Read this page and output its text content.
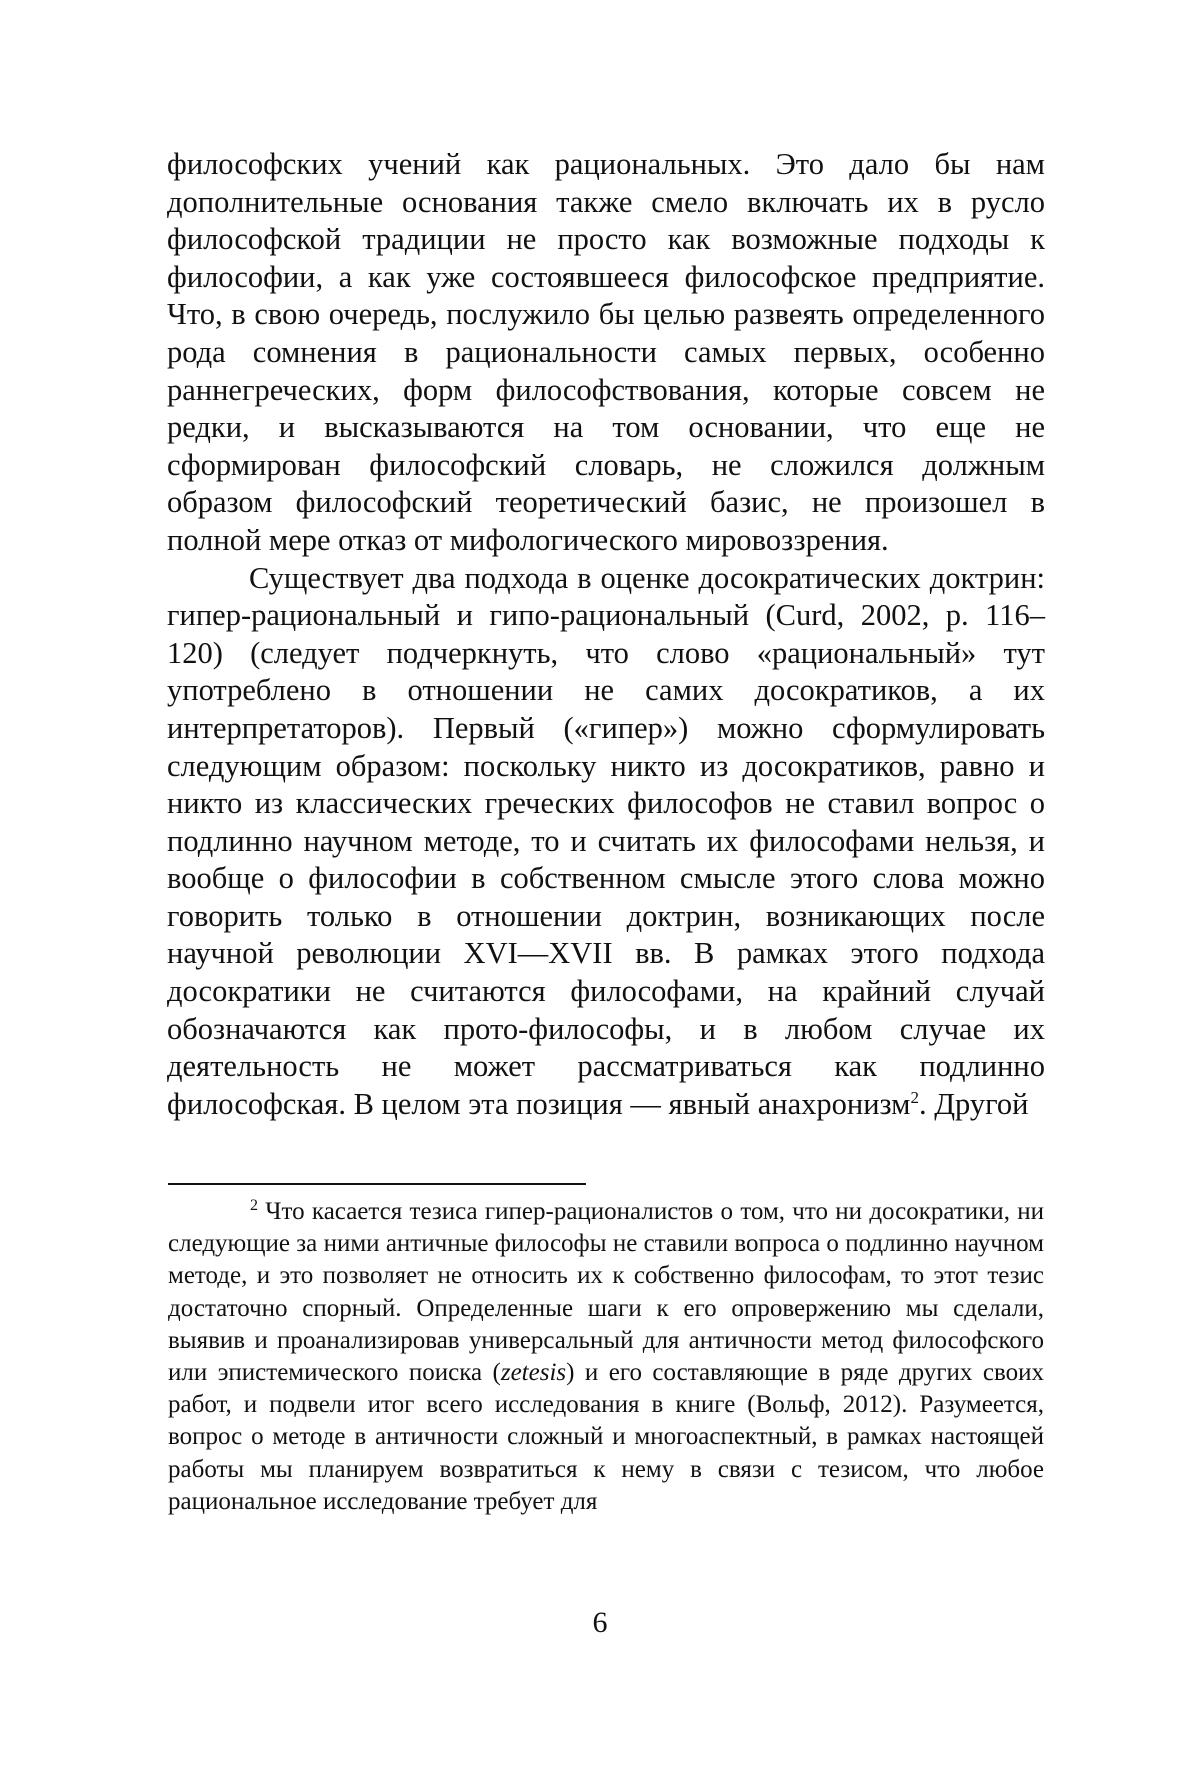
философских учений как рациональных. Это дало бы нам дополнительные основания также смело включать их в русло философской традиции не просто как возможные подходы к философии, а как уже состоявшееся философское предприятие. Что, в свою очередь, послужило бы целью развеять определенного рода сомнения в рациональности самых первых, особенно раннегреческих, форм философствования, которые совсем не редки, и высказываются на том основании, что еще не сформирован философский словарь, не сложился должным образом философский теоретический базис, не произошел в полной мере отказ от мифологического мировоззрения.

Существует два подхода в оценке досократических доктрин: гипер-рациональный и гипо-рациональный (Curd, 2002, p. 116–120) (следует подчеркнуть, что слово «рациональный» тут употреблено в отношении не самих досократиков, а их интерпретаторов). Первый («гипер») можно сформулировать следующим образом: поскольку никто из досократиков, равно и никто из классических греческих философов не ставил вопрос о подлинно научном методе, то и считать их философами нельзя, и вообще о философии в собственном смысле этого слова можно говорить только в отношении доктрин, возникающих после научной революции XVI—XVII вв. В рамках этого подхода досократики не считаются философами, на крайний случай обозначаются как прото-философы, и в любом случае их деятельность не может рассматриваться как подлинно философская. В целом эта позиция — явный анахронизм$^2$. Другой

$^2$ Что касается тезиса гипер-рационалистов о том, что ни досократики, ни следующие за ними античные философы не ставили вопроса о подлинно научном методе, и это позволяет не относить их к собственно философам, то этот тезис достаточно спорный. Определенные шаги к его опровержению мы сделали, выявив и проанализировав универсальный для античности метод философского или эпистемического поиска (zetesis) и его составляющие в ряде других своих работ, и подвели итог всего исследования в книге (Вольф, 2012). Разумеется, вопрос о методе в античности сложный и многоаспектный, в рамках настоящей работы мы планируем возвратиться к нему в связи с тезисом, что любое рациональное исследование требует для

6
